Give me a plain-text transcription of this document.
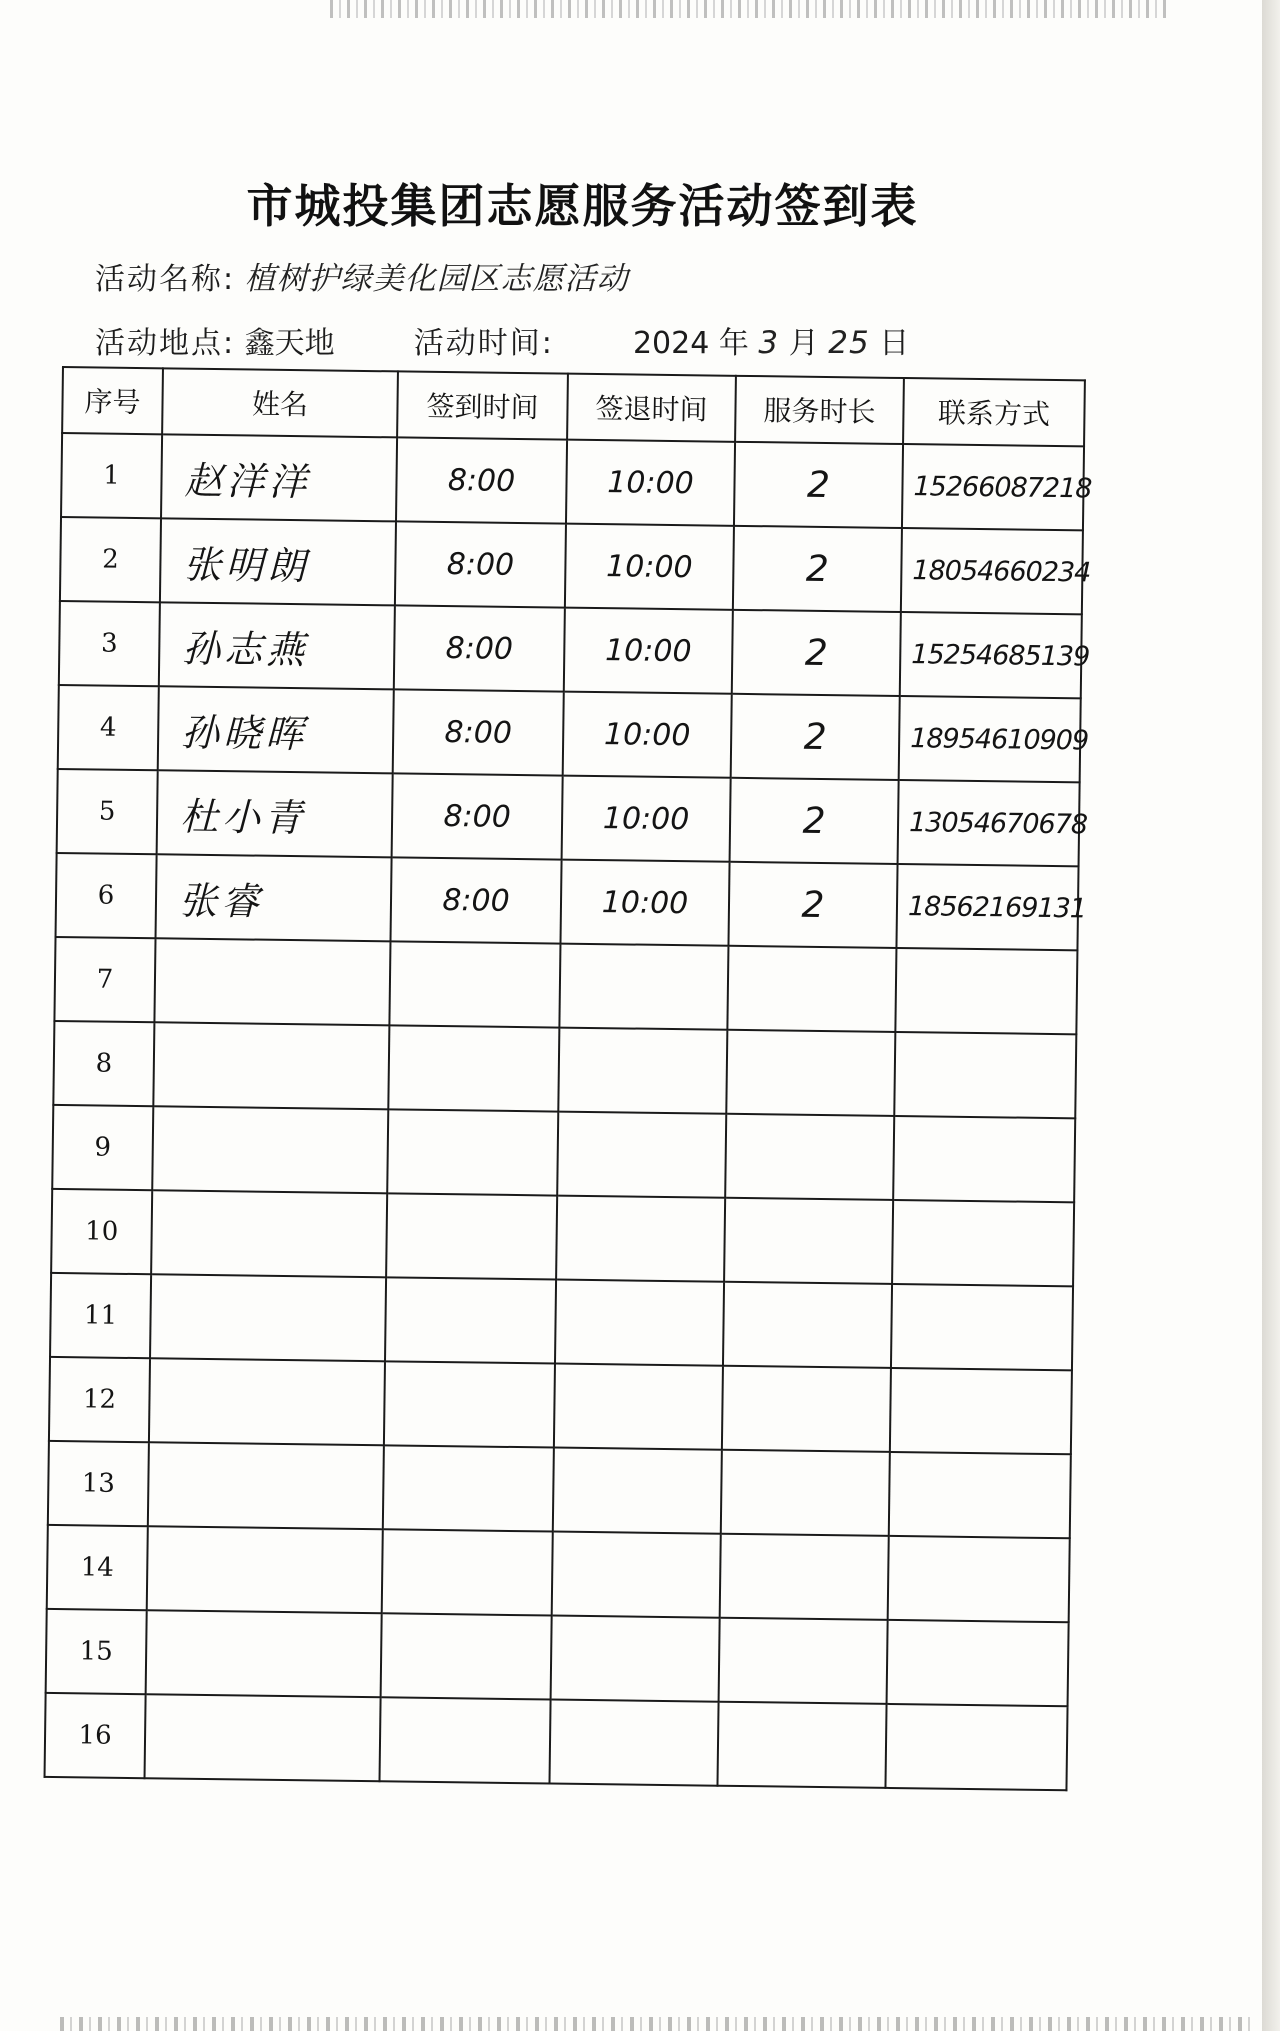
市城投集团志愿服务活动签到表
活动名称: 植树护绿美化园区志愿活动
活动地点: 鑫天地	活动时间:	2024 年 3 月 25 日
序号	姓名	签到时间	签退时间	服务时长	联系方式
1	赵洋洋	8:00	10:00	2	15266087218
2	张明朗	8:00	10:00	2	18054660234
3	孙志燕	8:00	10:00	2	15254685139
4	孙晓晖	8:00	10:00	2	18954610909
5	杜小青	8:00	10:00	2	13054670678
6	张睿	8:00	10:00	2	18562169131
7					
8					
9					
10					
11					
12					
13					
14					
15					
16					
